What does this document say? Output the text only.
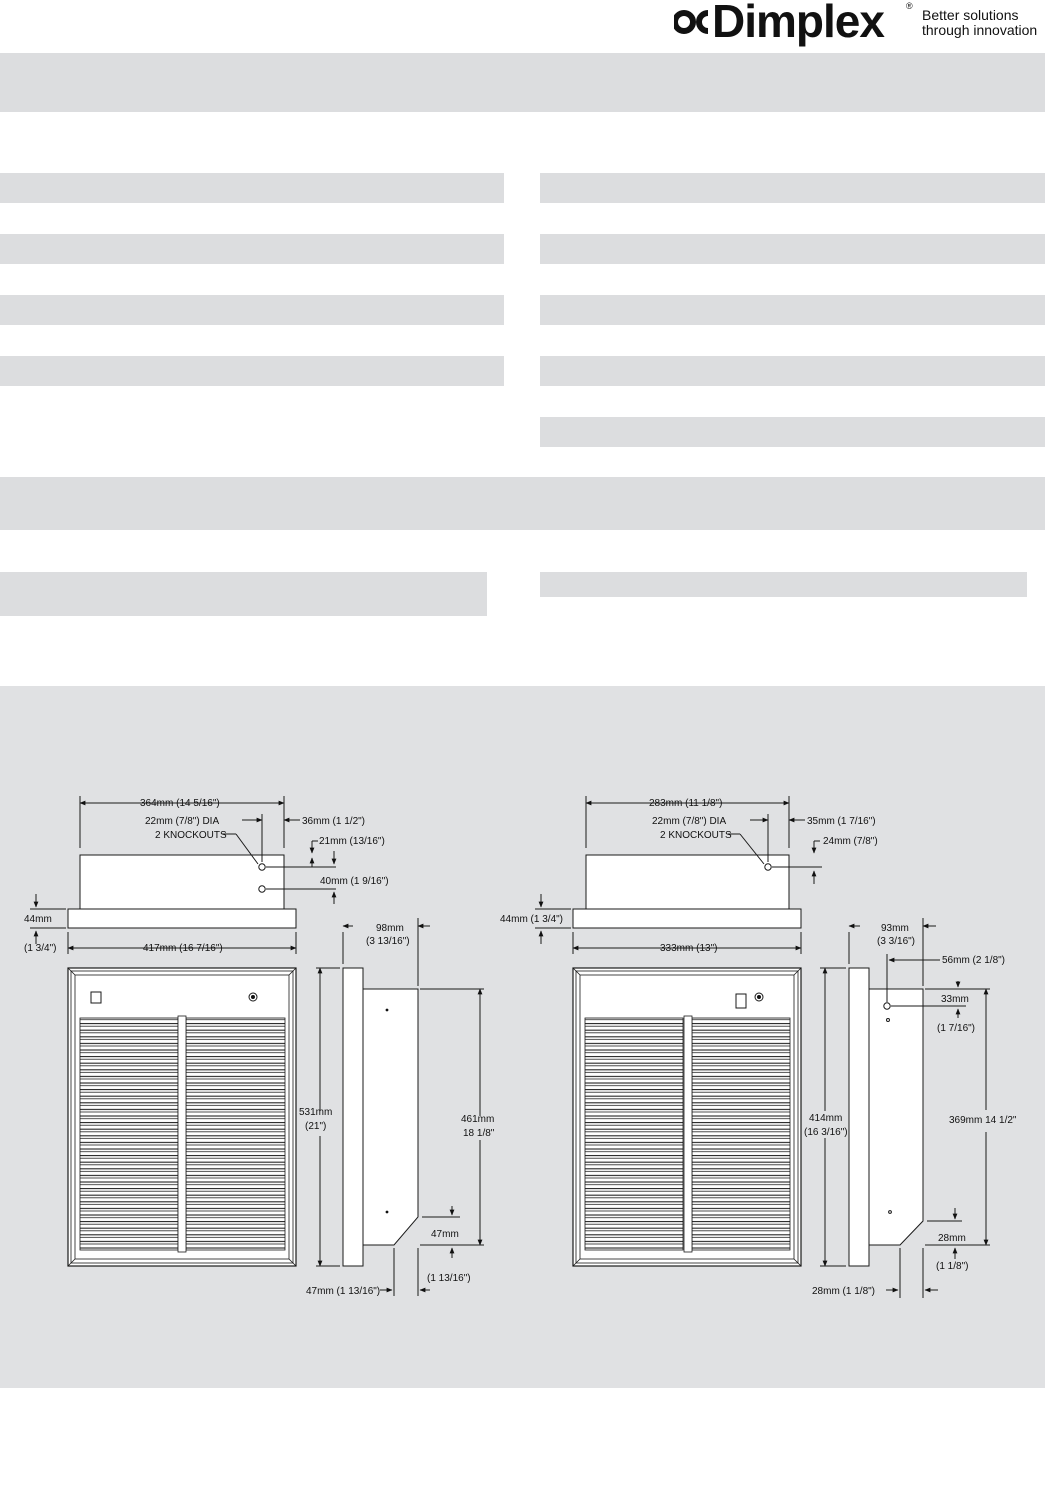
Dimplex ®
Better solutions
through innovation
364mm (14 5/16")
22mm (7/8") DIA
2 KNOCKOUTS
36mm (1 1/2")
21mm (13/16")
40mm (1 9/16")
44mm
(1 3/4")	417mm (16 7/16")
98mm
(3 13/16")
531mm
(21")
461mm
18 1/8"
47mm
(1 13/16")
47mm (1 13/16")
283mm (11 1/8")
22mm (7/8") DIA
2 KNOCKOUTS
35mm (1 7/16")
24mm (7/8")
44mm (1 3/4")
333mm (13")
93mm
(3 3/16")
56mm (2 1/8")
33mm
(1 7/16")
414mm
(16 3/16")
369mm 14 1/2"
28mm
(1 1/8")
28mm (1 1/8")
